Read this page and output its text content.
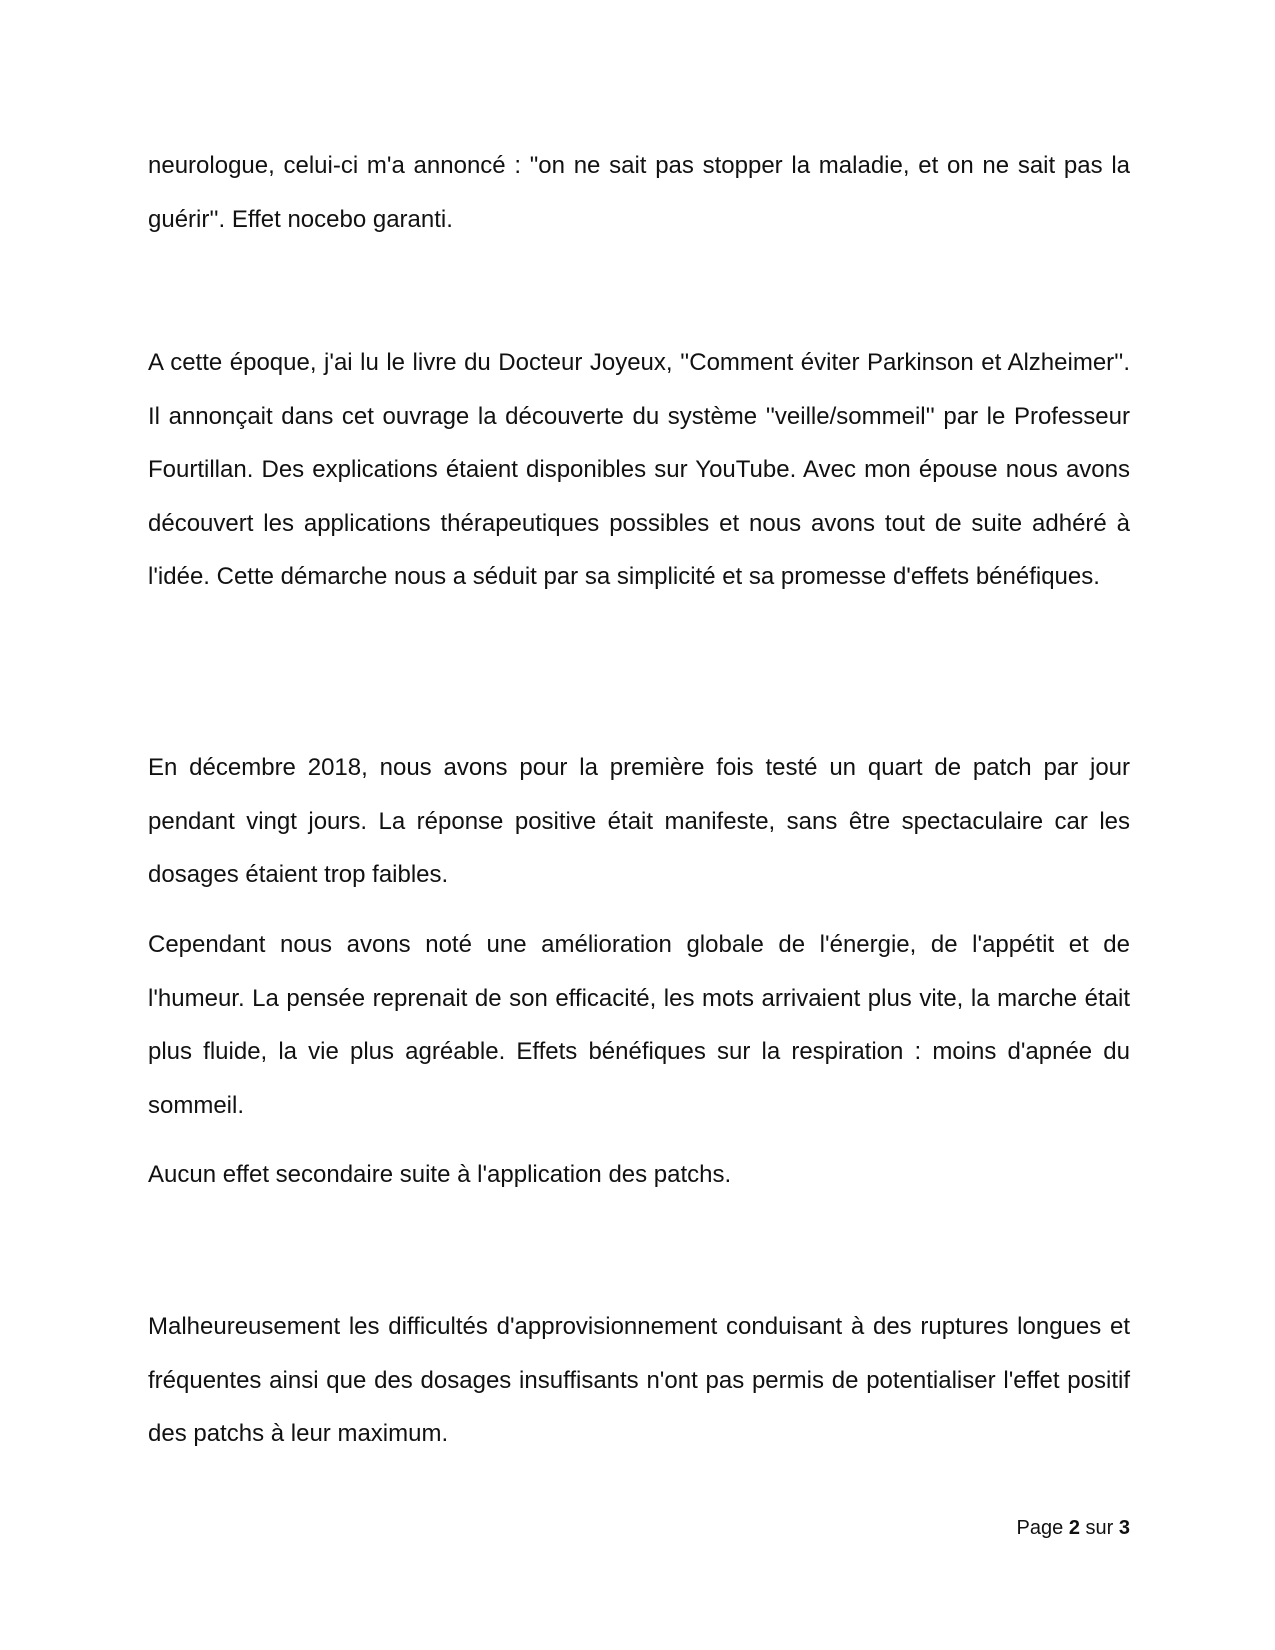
neurologue, celui-ci m'a annoncé : "on ne sait pas stopper la maladie, et on ne sait pas la guérir''. Effet nocebo garanti.

A cette époque, j'ai lu le livre du Docteur Joyeux, ''Comment éviter Parkinson et Alzheimer''. Il annonçait dans cet ouvrage la découverte du système ''veille/sommeil'' par le Professeur Fourtillan. Des explications étaient disponibles sur YouTube. Avec mon épouse nous avons découvert les applications thérapeutiques possibles et nous avons tout de suite adhéré à l'idée. Cette démarche nous a séduit par sa simplicité et sa promesse d'effets bénéfiques.

En décembre 2018, nous avons pour la première fois testé un quart de patch par jour pendant vingt jours. La réponse positive était manifeste, sans être spectaculaire car les dosages étaient trop faibles.

Cependant nous avons noté une amélioration globale de l'énergie, de l'appétit et de l'humeur. La pensée reprenait de son efficacité, les mots arrivaient plus vite, la marche était plus fluide, la vie plus agréable. Effets bénéfiques sur la respiration : moins d'apnée du sommeil.

Aucun effet secondaire suite à l'application des patchs.

Malheureusement les difficultés d'approvisionnement conduisant à des ruptures longues et fréquentes ainsi que des dosages insuffisants n'ont pas permis de potentialiser l'effet positif des patchs à leur maximum.

Page 2 sur 3
